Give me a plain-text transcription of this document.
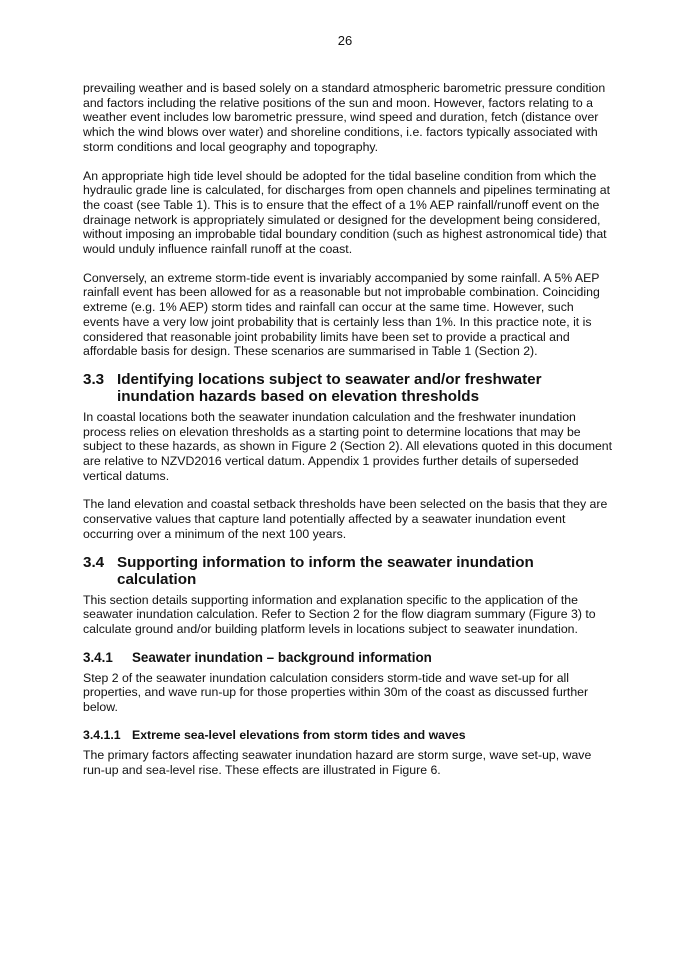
26

prevailing weather and is based solely on a standard atmospheric barometric pressure condition and factors including the relative positions of the sun and moon. However, factors relating to a weather event includes low barometric pressure, wind speed and duration, fetch (distance over which the wind blows over water) and shoreline conditions, i.e. factors typically associated with storm conditions and local geography and topography.

An appropriate high tide level should be adopted for the tidal baseline condition from which the hydraulic grade line is calculated, for discharges from open channels and pipelines terminating at the coast (see Table 1). This is to ensure that the effect of a 1% AEP rainfall/runoff event on the drainage network is appropriately simulated or designed for the development being considered, without imposing an improbable tidal boundary condition (such as highest astronomical tide) that would unduly influence rainfall runoff at the coast.

Conversely, an extreme storm-tide event is invariably accompanied by some rainfall. A 5% AEP rainfall event has been allowed for as a reasonable but not improbable combination. Coinciding extreme (e.g. 1% AEP) storm tides and rainfall can occur at the same time. However, such events have a very low joint probability that is certainly less than 1%. In this practice note, it is considered that reasonable joint probability limits have been set to provide a practical and affordable basis for design. These scenarios are summarised in Table 1 (Section 2).

3.3 Identifying locations subject to seawater and/or freshwater
inundation hazards based on elevation thresholds

In coastal locations both the seawater inundation calculation and the freshwater inundation process relies on elevation thresholds as a starting point to determine locations that may be subject to these hazards, as shown in Figure 2 (Section 2). All elevations quoted in this document are relative to NZVD2016 vertical datum. Appendix 1 provides further details of superseded vertical datums.

The land elevation and coastal setback thresholds have been selected on the basis that they are conservative values that capture land potentially affected by a seawater inundation event occurring over a minimum of the next 100 years.

3.4 Supporting information to inform the seawater inundation calculation

This section details supporting information and explanation specific to the application of the seawater inundation calculation. Refer to Section 2 for the flow diagram summary (Figure 3) to calculate ground and/or building platform levels in locations subject to seawater inundation.

3.4.1	Seawater inundation – background information

Step 2 of the seawater inundation calculation considers storm-tide and wave set-up for all properties, and wave run-up for those properties within 30m of the coast as discussed further below.

3.4.1.1 Extreme sea-level elevations from storm tides and waves

The primary factors affecting seawater inundation hazard are storm surge, wave set-up, wave run-up and sea-level rise. These effects are illustrated in Figure 6.
